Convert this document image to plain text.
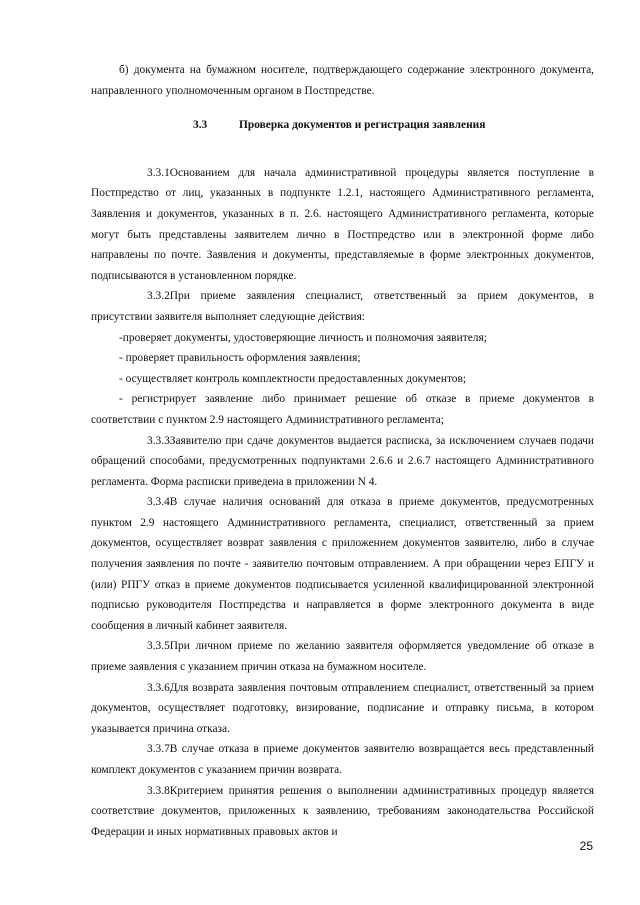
б) документа на бумажном носителе, подтверждающего содержание электронного документа, направленного уполномоченным органом в Постпредстве.

3.3	Проверка документов и регистрация заявления

3.3.1Основанием для начала административной процедуры является поступление в Постпредство от лиц, указанных в подпункте 1.2.1, настоящего Административного регламента, Заявления и документов, указанных в п. 2.6. настоящего Административного регламента, которые могут быть представлены заявителем лично в Постпредство или в электронной форме либо направлены по почте. Заявления и документы, представляемые в форме электронных документов, подписываются в установленном порядке.

3.3.2При приеме заявления специалист, ответственный за прием документов, в присутствии заявителя выполняет следующие действия:

-проверяет документы, удостоверяющие личность и полномочия заявителя;

- проверяет правильность оформления заявления;

- осуществляет контроль комплектности предоставленных документов;

- регистрирует заявление либо принимает решение об отказе в приеме документов в соответствии с пунктом 2.9 настоящего Административного регламента;

3.3.3Заявителю при сдаче документов выдается расписка, за исключением случаев подачи обращений способами, предусмотренных подпунктами 2.6.6 и 2.6.7 настоящего Административного регламента. Форма расписки приведена в приложении N 4.

3.3.4В случае наличия оснований для отказа в приеме документов, предусмотренных пунктом 2.9 настоящего Административного регламента, специалист, ответственный за прием документов, осуществляет возврат заявления с приложением документов заявителю, либо в случае получения заявления по почте - заявителю почтовым отправлением. А при обращении через ЕПГУ и (или) РПГУ отказ в приеме документов подписывается усиленной квалифицированной электронной подписью руководителя Постпредства и направляется в форме электронного документа в виде сообщения в личный кабинет заявителя.

3.3.5При личном приеме по желанию заявителя оформляется уведомление об отказе в приеме заявления с указанием причин отказа на бумажном носителе.

3.3.6Для возврата заявления почтовым отправлением специалист, ответственный за прием документов, осуществляет подготовку, визирование, подписание и отправку письма, в котором указывается причина отказа.

3.3.7В случае отказа в приеме документов заявителю возвращается весь представленный комплект документов с указанием причин возврата.

3.3.8Критерием принятия решения о выполнении административных процедур является соответствие документов, приложенных к заявлению, требованиям законодательства Российской Федерации и иных нормативных правовых актов и

25
